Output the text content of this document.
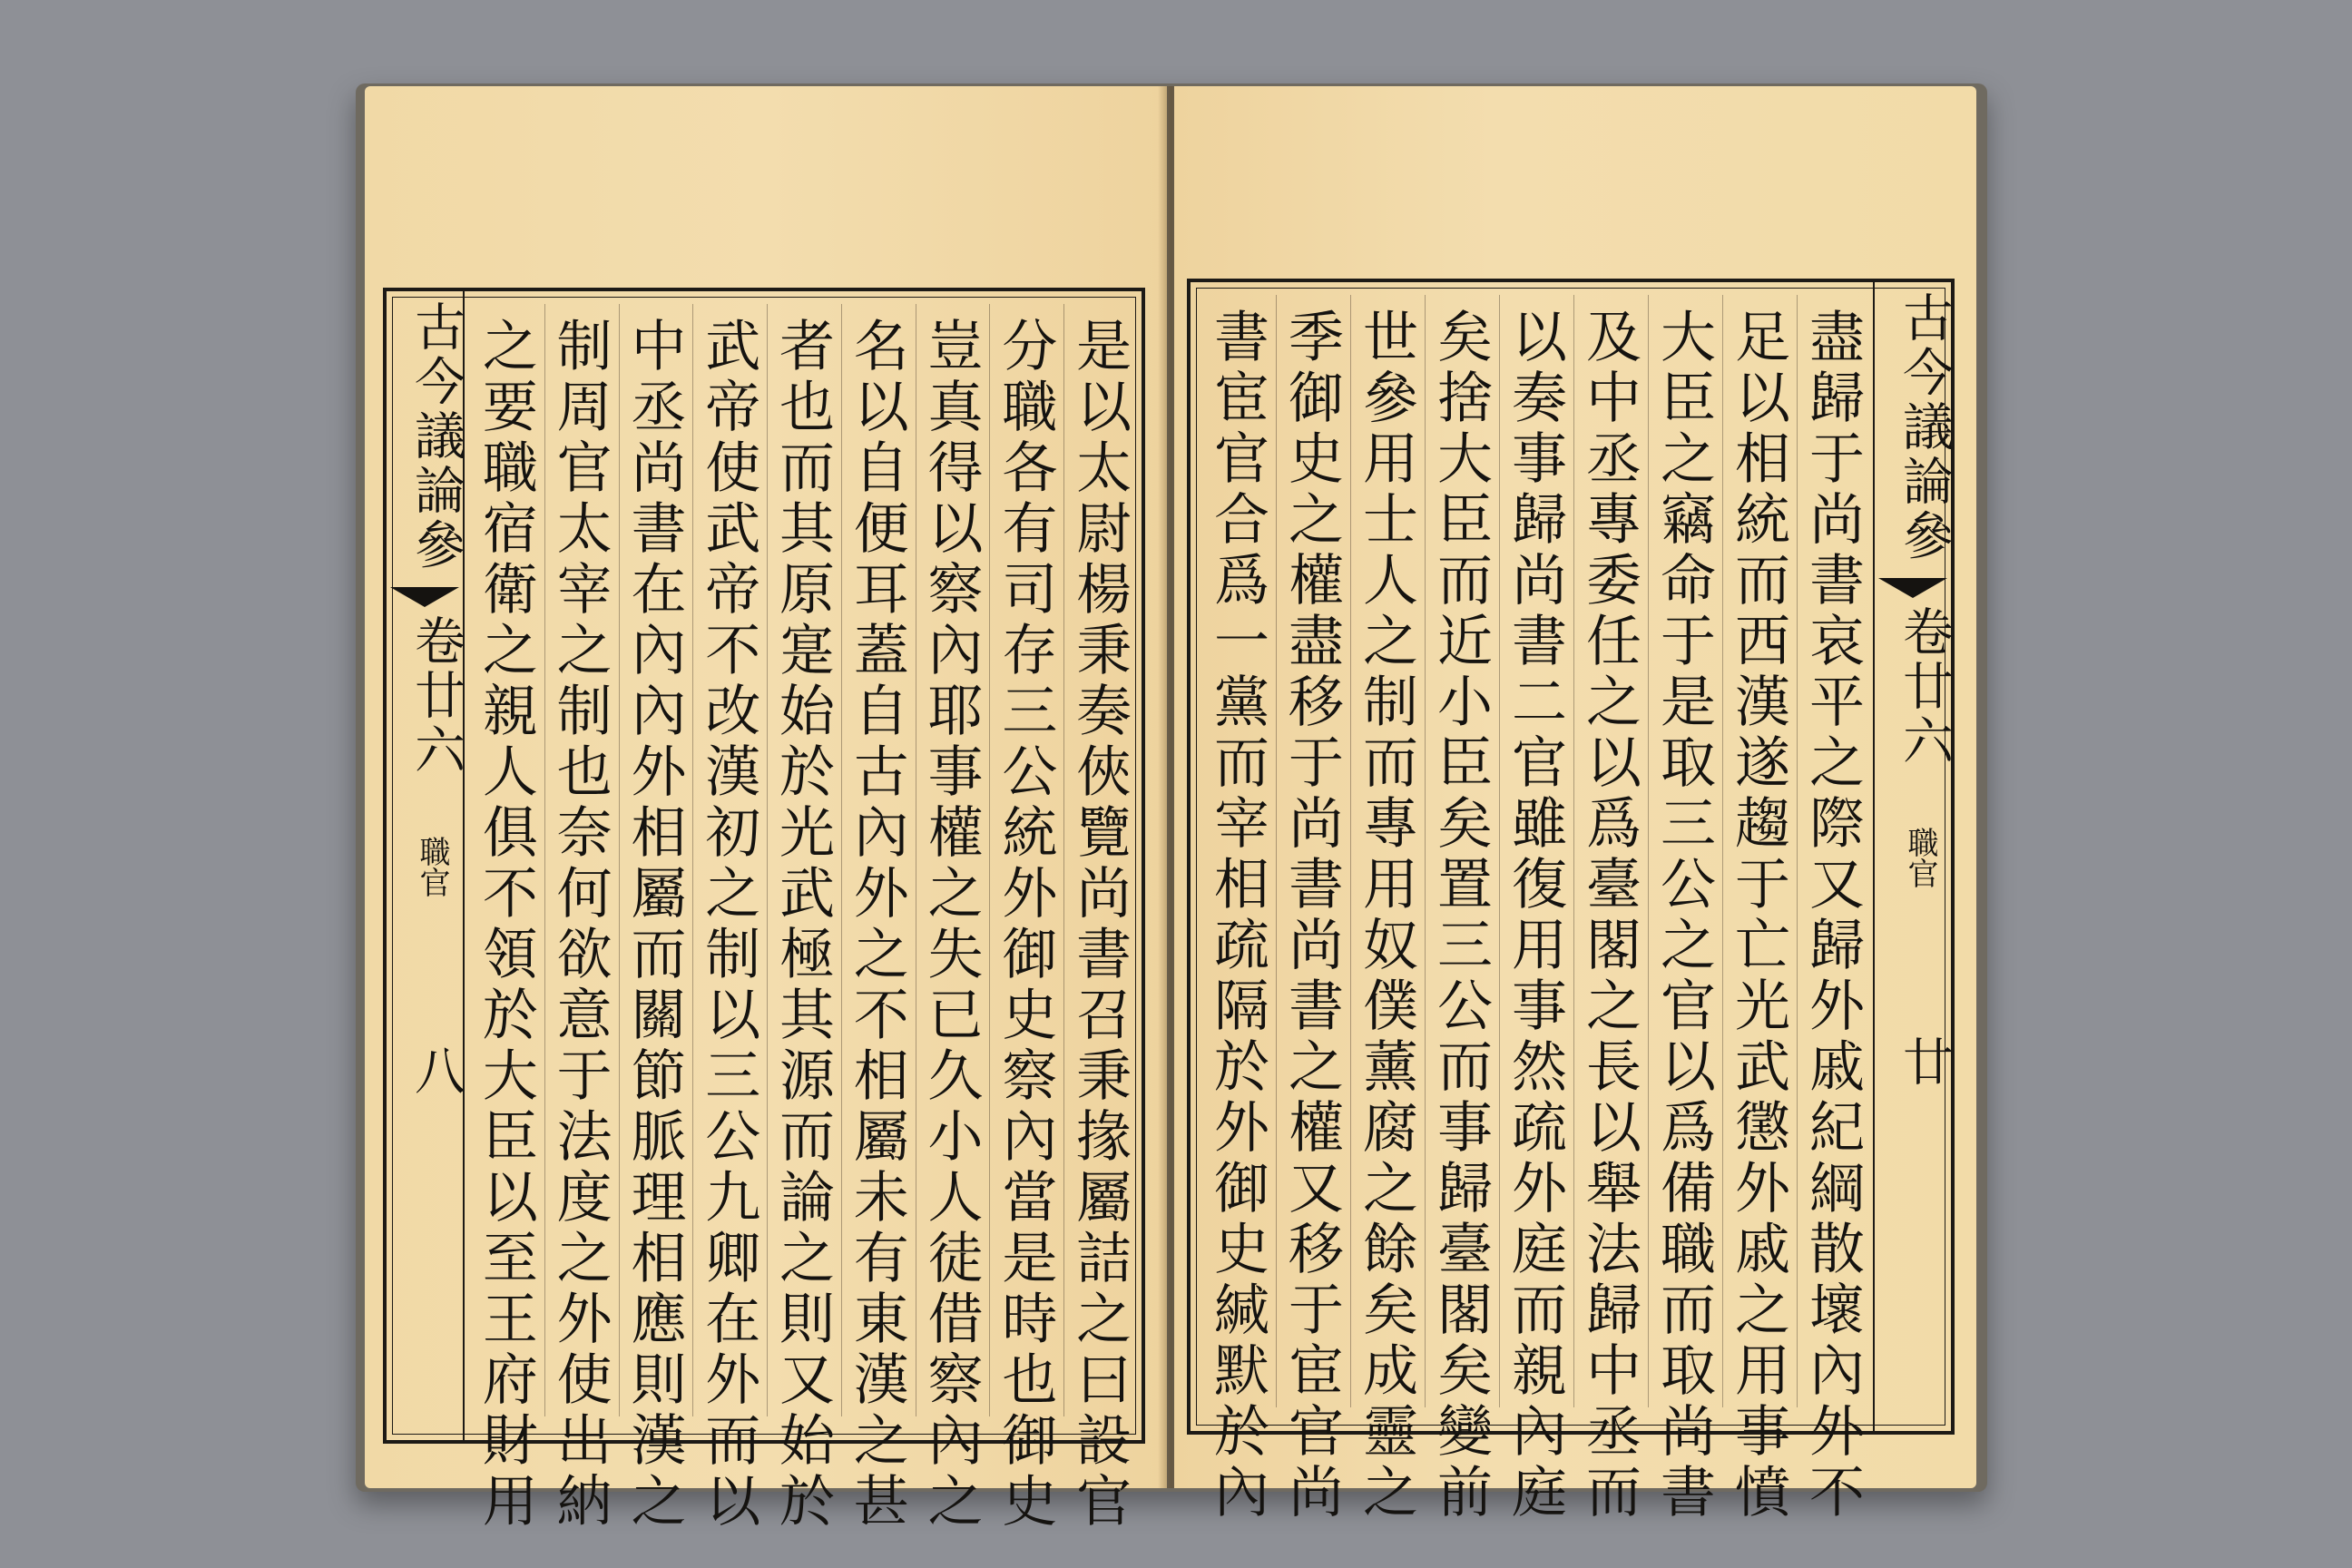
古今議論參
卷廿六
職官
八	是以太尉楊秉奏俠覽尚書召秉掾屬詰之曰設官
分職各有司存三公統外御史察內當是時也御史
豈真得以察內耶事權之失已久小人徒借察內之
名以自便耳蓋自古內外之不相屬未有東漢之甚
者也而其原寔始於光武極其源而論之則又始於
武帝使武帝不改漢初之制以三公九卿在外而以
中丞尚書在內內外相屬而關節脈理相應則漢之
制周官太宰之制也奈何欲意于法度之外使出納
之要職宿衛之親人俱不領於大臣以至王府財用	古今議論參
卷廿六
職官
廿
盡歸于尚書哀平之際又歸外戚紀綱散壞內外不
足以相統而西漢遂趨于亡光武懲外戚之用事憤
大臣之竊命于是取三公之官以爲備職而取尚書
及中丞專委任之以爲臺閣之長以舉法歸中丞而
以奏事歸尚書二官雖復用事然疏外庭而親內庭
矣捨大臣而近小臣矣置三公而事歸臺閣矣變前
世參用士人之制而專用奴僕薰腐之餘矣成靈之
季御史之權盡移于尚書尚書之權又移于宦官尚
書宦官合爲一黨而宰相疏隔於外御史緘默於內
